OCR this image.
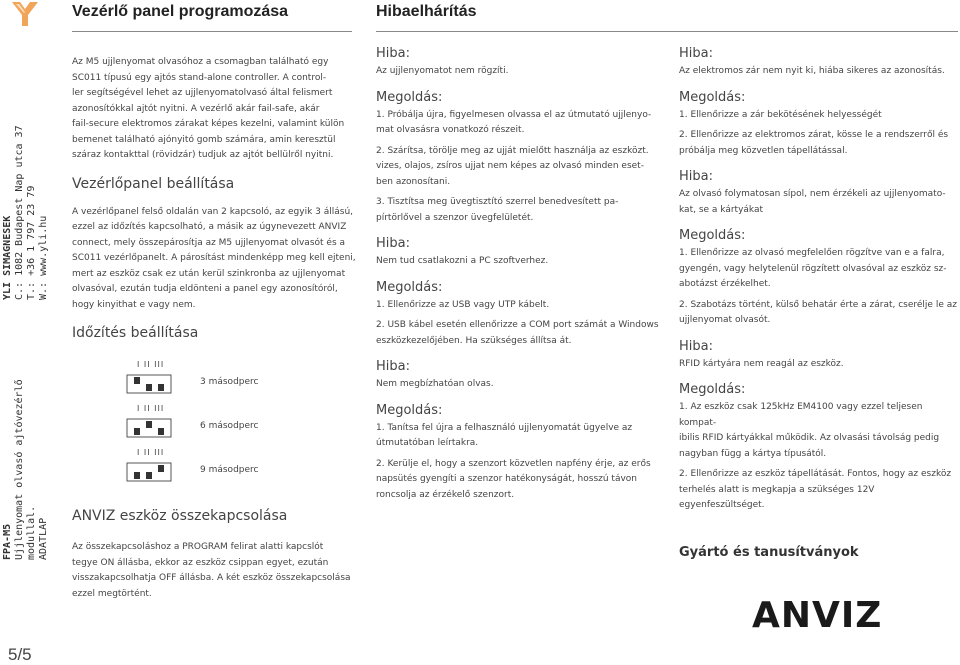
Vezérlő panel programozása	Hibaelhárítás
FPA-M5 Ujjlenyomat olvasó ajtóvezérlő modullal. ADATLAP
YLI SIMAGNESEK C.: 1082 Budapest Nap utca 37 T.: +36 1 797 23 79 W.: www.yli.hu
5/5
Az M5 ujjlenyomat olvasóhoz a csomagban található egy
SC011 típusú egy ajtós stand-alone controller. A control-
ler segítségével lehet az ujjlenyomatolvasó által felismert
azonosítókkal ajtót nyitni. A vezérlő akár fail-safe, akár
fail-secure elektromos zárakat képes kezelni, valamint külön
bemenet található ajónyitó gomb számára, amin keresztül
száraz kontakttal (rövidzár) tudjuk az ajtót bellülről nyitni.
Vezérlőpanel beállítása
A vezérlőpanel felső oldalán van 2 kapcsoló, az egyik 3 állású,
ezzel az időzítés kapcsolható, a másik az úgynevezett ANVIZ
connect, mely összepárosítja az M5 ujjlenyomat olvasót és a
SC011 vezérlőpanelt. A párosítást mindenképp meg kell ejteni,
mert az eszköz csak ez után kerül szinkronba az ujjlenyomat
olvasóval, ezután tudja eldönteni a panel egy azonosítóról,
hogy kinyithat e vagy nem.
Időzítés beállítása
I II III
3 másodperc
I II III
6 másodperc
I II III
9 másodperc
ANVIZ eszköz összekapcsolása
Az összekapcsoláshoz a PROGRAM felirat alatti kapcslót
tegye ON állásba, ekkor az eszköz csippan egyet, ezután
visszakapcsolhatja OFF állásba. A két eszköz összekapcsolása
ezzel megtörtént.
Hiba:
Az ujjlenyomatot nem rögzíti.
Megoldás:
1. Próbálja újra, figyelmesen olvassa el az útmutató ujjlenyo-
mat olvasásra vonatkozó részeit.
2. Szárítsa, törölje meg az ujját mielőtt használja az eszközt.
vizes, olajos, zsíros ujjat nem képes az olvasó minden eset-
ben azonosítani.
3. Tisztítsa meg üvegtisztító szerrel benedvesített pa-
pírtörlővel a szenzor üvegfelületét.
Hiba:
Nem tud csatlakozni a PC szoftverhez.
Megoldás:
1. Ellenőrizze az USB vagy UTP kábelt.
2. USB kábel esetén ellenőrizze a COM port számát a Windows
eszközkezelőjében. Ha szükséges állítsa át.
Hiba:
Nem megbízhatóan olvas.
Megoldás:
1. Tanítsa fel újra a felhasználó ujjlenyomatát ügyelve az
útmutatóban leírtakra.
2. Kerülje el, hogy a szenzort közvetlen napfény érje, az erős
napsütés gyengíti a szenzor hatékonyságát, hosszú távon
roncsolja az érzékelő szenzort.
Hiba:
Az elektromos zár nem nyit ki, hiába sikeres az azonosítás.
Megoldás:
1. Ellenőrizze a zár bekötésének helyességét
2. Ellenőrizze az elektromos zárat, kösse le a rendszerről és
próbálja meg közvetlen tápellátással.
Hiba:
Az olvasó folymatosan sípol, nem érzékeli az ujjlenyomato-
kat, se a kártyákat
Megoldás:
1. Ellenőrizze az olvasó megfelelően rögzítve van e a falra,
gyengén, vagy helytelenül rögzített olvasóval az eszköz sz-
abotázst érzékelhet.
2. Szabotázs történt, külső behatár érte a zárat, cserélje le az
ujjlenyomat olvasót.
Hiba:
RFID kártyára nem reagál az eszköz.
Megoldás:
1. Az eszköz csak 125kHz EM4100 vagy ezzel teljesen kompat-
ibilis RFID kártyákkal működik. Az olvasási távolság pedig
nagyban függ a kártya típusától.
2. Ellenőrizze az eszköz tápellátását. Fontos, hogy az eszköz
terhelés alatt is megkapja a szükséges 12V egyenfeszültséget.
Gyártó és tanusítványok
ANVIZ
